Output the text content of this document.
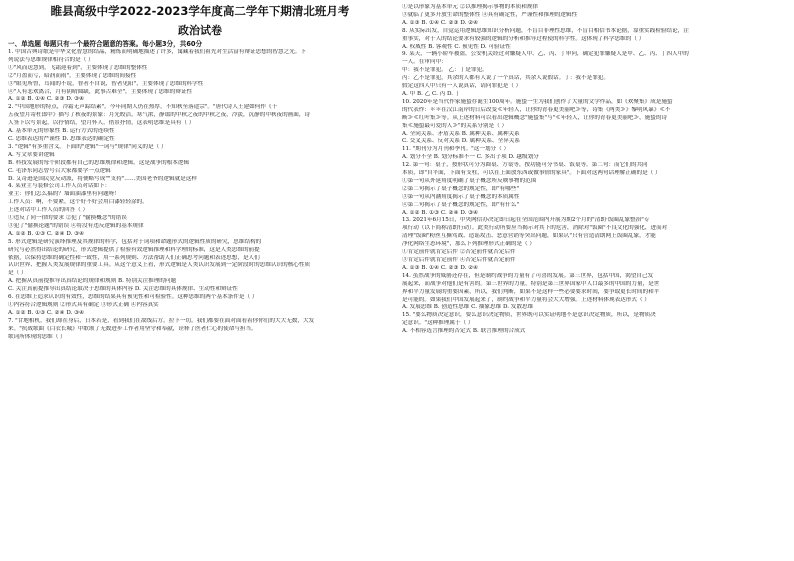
睢县高级中学2022-2023学年度高二学年下期清北班月考
政治试卷
一、单选题 每题只有一个最符合题意的答案。每小题3分，共60分
1. 中国古典诗歌是中华文化智慧的结晶，精炼而明确地描述了许多，寓藏着我们祖先对生活富有辩证思想的智慧之光。下
列说法与思维规律相符合的是（ ）
①"风而送慧到，飞霜迎着到"，主要体现了思维的整体性
②"月盈而亏，暗润而雨"，主要体现了思维的间接性
③"眼见所曾，耳闻的不说，智者不自说，智者见阳"，主要体现了思维的科学性
④"人有悲欢离合，月有阴晴圆缺，此事古难全"，主要体现了思维的辩证性
A. ①② B. ①④ C. ②③ D. ③④
2. "中国地形的特点，冷霜无声踪结素"。今年同期人仍在热厚，不知秋至落途宗"。"唐代诗人王建如何作《十
五夜望月寄杜郎中》描写了秋夜的景象：月光皎洁，寒气浓，静谧的中秋之夜的中秋之夜，冷淡，沉静的中秋夜的画面，诗
人签下以写景起，以抒情结，望月怀人，借景抒情，这表明思维是具有（ ）
A. 基本单元的形象性 B. 运行方式的连续性
C. 思维表达的严谨性 D. 思维表达的确定性
3. "逻辑"有多重含义。下面的"逻辑"一词与"规律"同义的是（ ）
A. 写文章要讲逻辑
B. 科技发展的每个阶段都有自己的思维规律和逻辑，这是战争的根本逻辑
C. 毛泽东同志曾号召大家都要学一点逻辑
D. 艾奇逊是国民党反动派，将便略写成""支持"……美国老爷的逻辑就是这样
4. 某业主与装修公司工作人员对话如下：
业主：你们怎么搞的？墙面油漆里有问题呀！
工作人员：啊，不要紧，这个好不好会用白漆轻轻涂的。
上述对话中工作人员的回答（ ）
①违反了同一律的要求 ②犯了"偷换概念"的错误
③犯了"偷换论题"的错误 ④将没有违反逻辑的基本规律
A. ①② B. ①③ C. ②④ D. ③④
5. 形式逻辑是研究演绎推理及其规律的科学，包括对于词项和命题形式的逻辑性质的研究，思维结构的
研究与必然得出结论的研究，形式逻辑提供了检验有效逻辑推理和科学理的标准，这是人类思维的前提
依据，以保持思维的确定性和一致性，用一系列规则、方法帮助人们正确思考问题和表述思想，是人们
认识世界、把握人类发展规律的重要工具。从这个意义上看，形式逻辑是人类认识发展到一定阶段时的思维认识的核心性质
是（ ）
A. 把握从真前提推导出真结论的规律和规则 B. 特别关注推理的问题
C. 关注真前提推导出真结论取决于思维的具体内容 D. 关注思维的具体规律、生动性和辩证性
6. 在思维上追求认识的有效性，思维的结果具有预见性和可检验性。这种思维的两个基本条件是（ ）
①内容符合逻辑规则 ②形式具有确定 ③形式正确 ④内容真实
A. ①② B. ①③ C. ②④ D. ③④
7. "甘地相机，我们却在身后，日本若是，看到我们在敌线后方，拉下一切。我们都要在面对面看着你你们的大大无数，大发
来。"抗战歌曲《白衣长城》中歌颂了无数进步工作者用坚守和奉献，诠释了医者仁心的使命与担当。
歌词所体现的思维（ ）
①是以形象为基本单元 ②以推理揭示事物的本质和规律
③就临了更多开放生命的整体性 ④具有确定性，严谨性和推理的逻辑性
A. ①③ B. ①④ C. ②③ D. ②④
8. 从实际出发，自觉运用逻辑思维知识分析问题，不盲目非理性思维，不盲目相信书本论据，靠重实践检验结论，注
重事实，对于人的结论要求有较强的逻辑的分析和推导过程使的科学性。这体现了科学思维的（ ）
A. 权威性 B. 客观性 C. 预见性 D. 可验证性
9. 某天，一辆小轿车被盗，公安机关经过对嫌疑人甲、乙、丙、丁审问，确定犯罪嫌疑人是甲、乙、丙、丁四人中的
一人。在审问中：
甲：我不是罪犯。 乙：丁是罪犯。
丙：乙不是罪犯，其余的人都有人说了一个真话，其余人说假话。丁：我不是罪犯。
假定这四人中只有一人说真话，请问罪犯是（ ）
A. 甲 B. 乙 C. 丙 D. 丁
10. 2020年是当代作家施蛰存诞生100周年。施蛰一生为我们创作了大量的文学作品，如《欢聚集》成是施蛰
的代表作：＊＊在汉江南岸的日后改变≪年轻人，让你的青春更美丽吧≫等，诗集《两类≫》黎明风暴》≪不
断≫≪红叶集≫等。从上述材料可以看出逻辑概念"施蛰集"与"≪年轻人，让你的青春更美丽吧≫，施蛰的诗
集≪施蛰最可爱的人≫"的关系分别是（ ）
A. 全同关系、矛盾关系 B. 属种关系、属种关系
C. 交叉关系、反对关系 D. 属种关系、全异关系
11. "期刊分为月刊和季刊。"这一划分（ ）
A. 划分不全 B. 划分标准不一 C. 多出子项 D. 越级划分
12. 第一句：桌子，按形状可分为圆桌、方桌等，按功能可分书桌、饭桌等。第二句：而它们的共同
本质，即"自平面，下面有支柱，可以在上面放东西或做事情的家具"。下面对这两句话理解正确的是（ ）
①第一句从外延角度明确了桌子概念所反映事物的范围
②第二句揭示了桌子概念的规定性，即"有哪些"
③第一句从内涵角度揭示了桌子概念的本质属性
④第二句揭示了桌子概念的规定性，即"有什么"
A. ①② B. ①③ C. ②④ D. ③④
13. 2021年6月15日，中央网信办决定即日起在全国范围内开展为期2个月的"清朗·饭圈乱象整治"专
项行动（以下简称清朗行动）。此类行动所要应当揭示对其下的危害，消除对"饭圈"不良文化的强化，进而对
清理"饭圈"粉丝互撕骂战、造谣攻击、恶意营销等突出问题，如果认"只有营造清朗网上饭圈乱象，才能
净化网络生态环境"，那么下列推理形式正确的是（ ）
①肯定前件就肯定后件 ②否定前件就否定后件
③肯定后件就肯定前件 ④否定后件就否定前件
A. ①③ B. ①④ C. ②③ D. ②④
14. 虽然战争的威胁还存在，但是制约战争的力量有了可喜的发展。第三世界，包括中国，渴望自己发
展起来，而战争对他们是有害的。第三世界的力量，特别是第三世界国家中人口最多的中国的力量，是世
界和平力量发展的重要因素，所以，我们判断，如果不是这样一些必要要求时间，要争取更长时间的和平
是可能的。如果我们中国发展起来了，制约战争和平力量将会大大增强。上述材料体现表达形式（ ）
A. 发展思维 B. 创造性思维 C. 抽象思维 D. 发散思维
15. "要么物质决定意识，要么意识决定物质，世界既可以实证明地不是意识决定物质，所以，是物质决
定意识。"这种推理属于（ ）
A. 不相容选言推理的否定式 B. 联言推理的合成式
